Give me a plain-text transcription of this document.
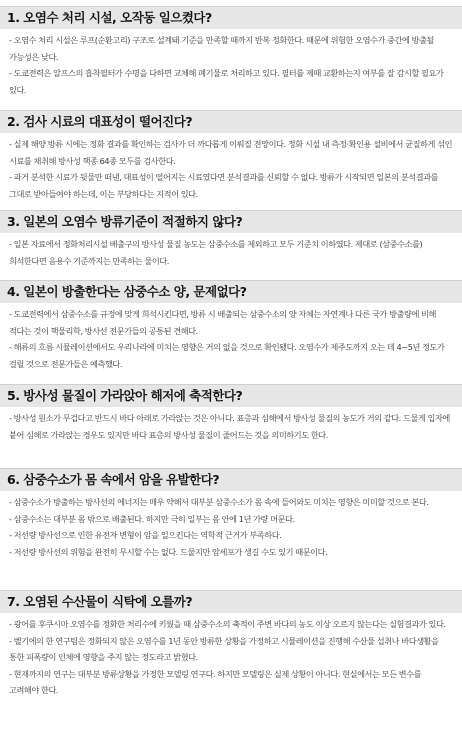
1. 오염수 처리 시설, 오작동 일으켰다?

- 오염수 처리 시설은 루프(순환고리) 구조로 설계돼 기준을 만족할 때까지 반복 정화한다. 때문에 위험한 오염수가 중간에 방출될 가능성은 낮다.

- 도쿄전력은 알프스의 흡착필터가 수명을 다하면 교체해 폐기물로 처리하고 있다. 필터를 제때 교환하는지 여부를 잘 감시할 필요가 있다.

2. 검사 시료의 대표성이 떨어진다?

- 실제 해양 방류 시에는 정화 결과를 확인하는 검사가 더 까다롭게 이뤄질 전망이다. 정화 시설 내 측정·확인용 설비에서 균질하게 섞인 시료를 채취해 방사성 핵종 64종 모두를 검사한다.

- 과거 분석한 시료가 뒷물만 떠낸, 대표성이 떨어지는 시료였다면 분석결과를 신뢰할 수 없다. 방류가 시작되면 일본의 분석결과를 그대로 받아들여야 하는데, 이는 부당하다는 지적이 있다.

3. 일본의 오염수 방류기준이 적절하지 않다?

- 일본 자료에서 정화처리시설 배출구의 방사성 물질 농도는 삼중수소를 제외하고 모두 기준치 이하였다. 제대로 (삼중수소를) 희석한다면 음용수 기준까지는 만족하는 물이다.

4. 일본이 방출한다는 삼중수소 양, 문제없다?

- 도쿄전력에서 삼중수소를 규정에 맞게 희석시킨다면, 방류 시 배출되는 삼중수소의 양 자체는 자연계나 다른 국가 방출량에 비해 적다는 것이 핵물리학, 방사선 전문가들의 공통된 견해다.

- 해류의 흐름 시뮬레이션에서도 우리나라에 미치는 영향은 거의 없을 것으로 확인됐다. 오염수가 제주도까지 오는 데 4~5년 정도가 걸릴 것으로 전문가들은 예측했다.

5. 방사성 물질이 가라앉아 해저에 축적한다?

- 방사성 원소가 무겁다고 반드시 바다 아래로 가라앉는 것은 아니다. 표층과 심해에서 방사성 물질의 농도가 거의 같다. 드물게 입자에 붙어 심해로 가라앉는 경우도 있지만 바다 표층의 방사성 물질이 줄어드는 것을 의미하기도 한다.

6. 삼중수소가 몸 속에서 암을 유발한다?

- 삼중수소가 방출하는 방사선의 에너지는 매우 약해서 대부분 삼중수소가 몸 속에 들어와도 미치는 영향은 미미할 것으로 본다.

- 삼중수소는 대부분 몸 밖으로 배출된다. 하지만 극히 일부는 몸 안에 1년 가량 머문다.

- 저선량 방사선으로 인한 유전자 변형이 암을 일으킨다는 역학적 근거가 부족하다.

- 저선량 방사선의 위험을 완전히 무시할 수는 없다. 드물지만 암세포가 생길 수도 있기 때문이다.

7. 오염된 수산물이 식탁에 오를까?

- 광어를 후쿠시마 오염수를 정화한 처리수에 키웠을 때 삼중수소의 축적이 주변 바다의 농도 이상 오르지 않는다는 실험결과가 있다.

- 벨기에의 한 연구팀은 정화되지 않은 오염수를 1년 동안 방류한 상황을 가정하고 시뮬레이션을 진행해 수산물 섭취나 바다생활을 통한 피폭량이 인체에 영향을 주지 않는 정도라고 밝혔다.

- 현재까지의 연구는 대부분 방류상황을 가정한 모델링 연구다. 하지만 모델링은 실제 상황이 아니다. 현실에서는 모든 변수를 고려해야 한다.
